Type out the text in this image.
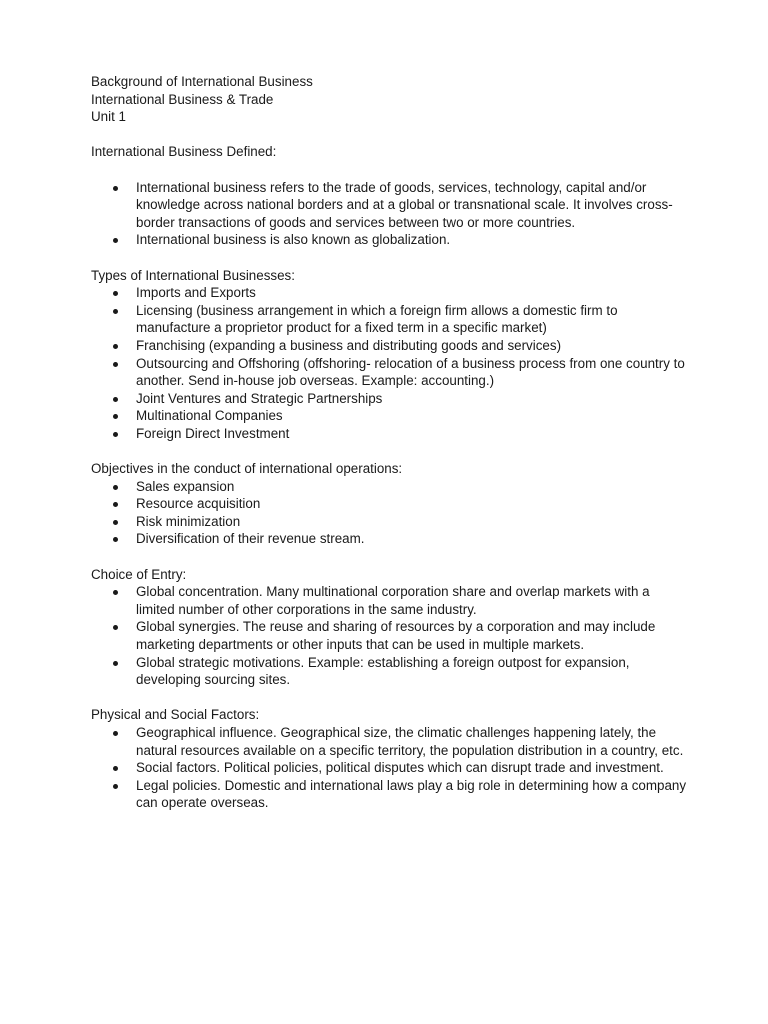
Background of International Business

International Business & Trade

Unit 1

International Business Defined:

International business refers to the trade of goods, services, technology, capital and/or knowledge across national borders and at a global or transnational scale. It involves cross-border transactions of goods and services between two or more countries.
International business is also known as globalization.

Types of International Businesses:

Imports and Exports
Licensing (business arrangement in which a foreign firm allows a domestic firm to manufacture a proprietor product for a fixed term in a specific market)
Franchising (expanding a business and distributing goods and services)
Outsourcing and Offshoring (offshoring- relocation of a business process from one country to another. Send in-house job overseas. Example: accounting.)
Joint Ventures and Strategic Partnerships
Multinational Companies
Foreign Direct Investment

Objectives in the conduct of international operations:

Sales expansion
Resource acquisition
Risk minimization
Diversification of their revenue stream.

Choice of Entry:

Global concentration. Many multinational corporation share and overlap markets with a limited number of other corporations in the same industry.
Global synergies. The reuse and sharing of resources by a corporation and may include marketing departments or other inputs that can be used in multiple markets.
Global strategic motivations. Example: establishing a foreign outpost for expansion, developing sourcing sites.

Physical and Social Factors:

Geographical influence. Geographical size, the climatic challenges happening lately, the natural resources available on a specific territory, the population distribution in a country, etc.
Social factors. Political policies, political disputes which can disrupt trade and investment.
Legal policies. Domestic and international laws play a big role in determining how a company can operate overseas.
